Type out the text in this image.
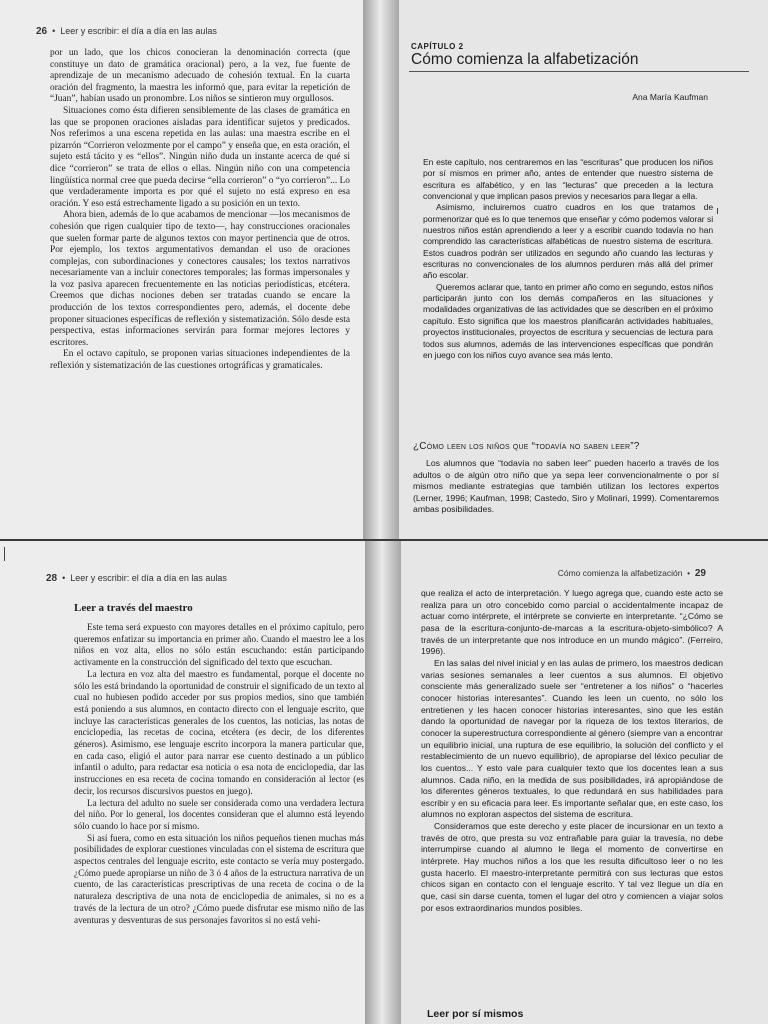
26  •  Leer y escribir: el día a día en las aulas

por un lado, que los chicos conocieran la denominación correcta (que constituye un dato de gramática oracional) pero, a la vez, fue fuente de aprendizaje de un mecanismo adecuado de cohesión textual. En la cuarta oración del fragmento, la maestra les informó que, para evitar la repetición de “Juan”, habían usado un pronombre. Los niños se sintieron muy orgullosos.

Situaciones como ésta difieren sensiblemente de las clases de gramática en las que se proponen oraciones aisladas para identificar sujetos y predicados. Nos referimos a una escena repetida en las aulas: una maestra escribe en el pizarrón “Corrieron velozmente por el campo” y enseña que, en esta oración, el sujeto está tácito y es “ellos”. Ningún niño duda un instante acerca de qué si dice “corrieron” se trata de ellos o ellas. Ningún niño con una competencia lingüística normal cree que pueda decirse “ella corrieron” o “yo corrieron”... Lo que verdaderamente importa es por qué el sujeto no está expreso en esa oración. Y eso está estrechamente ligado a su posición en un texto.

Ahora bien, además de lo que acabamos de mencionar —los mecanismos de cohesión que rigen cualquier tipo de texto—, hay construcciones oracionales que suelen formar parte de algunos textos con mayor pertinencia que de otros. Por ejemplo, los textos argumentativos demandan el uso de oraciones complejas, con subordinaciones y conectores causales; los textos narrativos necesariamente van a incluir conectores temporales; las formas impersonales y la voz pasiva aparecen frecuentemente en las noticias periodísticas, etcétera. Creemos que dichas nociones deben ser tratadas cuando se encare la producción de los textos correspondientes pero, además, el docente debe proponer situaciones específicas de reflexión y sistematización. Sólo desde esta perspectiva, estas informaciones servirán para formar mejores lectores y escritores.

En el octavo capítulo, se proponen varias situaciones independientes de la reflexión y sistematización de las cuestiones ortográficas y gramaticales.

CAPÍTULO 2
Cómo comienza la alfabetización
Ana María Kaufman

En este capítulo, nos centraremos en las “escrituras” que producen los niños por sí mismos en primer año, antes de entender que nuestro sistema de escritura es alfabético, y en las “lecturas” que preceden a la lectura convencional y que implican pasos previos y necesarios para llegar a ella.

Asimismo, incluiremos cuatro cuadros en los que tratamos de pormenorizar qué es lo que tenemos que enseñar y cómo podemos valorar si nuestros niños están aprendiendo a leer y a escribir cuando todavía no han comprendido las características alfabéticas de nuestro sistema de escritura. Estos cuadros podrán ser utilizados en segundo año cuando las lecturas y escrituras no convencionales de los alumnos perduren más allá del primer año escolar.

Queremos aclarar que, tanto en primer año como en segundo, estos niños participarán junto con los demás compañeros en las situaciones y modalidades organizativas de las actividades que se describen en el próximo capítulo. Esto significa que los maestros planificarán actividades habituales, proyectos institucionales, proyectos de escritura y secuencias de lectura para todos sus alumnos, además de las intervenciones específicas que pondrán en juego con los niños cuyo avance sea más lento.

¿Cómo leen los niños que “todavía no saben leer”?

Los alumnos que “todavía no saben leer” pueden hacerlo a través de los adultos o de algún otro niño que ya sepa leer convencionalmente o por sí mismos mediante estrategias que también utilizan los lectores expertos (Lerner, 1996; Kaufman, 1998; Castedo, Siro y Molinari, 1999). Comentaremos ambas posibilidades.

28  •  Leer y escribir: el día a día en las aulas
Leer a través del maestro

Este tema será expuesto con mayores detalles en el próximo capítulo, pero queremos enfatizar su importancia en primer año. Cuando el maestro lee a los niños en voz alta, ellos no sólo están escuchando: están participando activamente en la construcción del significado del texto que escuchan.

La lectura en voz alta del maestro es fundamental, porque el docente no sólo les está brindando la oportunidad de construir el significado de un texto al cual no hubiesen podido acceder por sus propios medios, sino que también está poniendo a sus alumnos, en contacto directo con el lenguaje escrito, que incluye las características generales de los cuentos, las noticias, las notas de enciclopedia, las recetas de cocina, etcétera (es decir, de los diferentes géneros). Asimismo, ese lenguaje escrito incorpora la manera particular que, en cada caso, eligió el autor para narrar ese cuento destinado a un público infantil o adulto, para redactar esa noticia o esa nota de enciclopedia, dar las instrucciones en esa receta de cocina tomando en consideración al lector (es decir, los recursos discursivos puestos en juego).

La lectura del adulto no suele ser considerada como una verdadera lectura del niño. Por lo general, los docentes consideran que el alumno está leyendo sólo cuando lo hace por sí mismo.

Si así fuera, como en esta situación los niños pequeños tienen muchas más posibilidades de explorar cuestiones vinculadas con el sistema de escritura que aspectos centrales del lenguaje escrito, este contacto se vería muy postergado. ¿Cómo puede apropiarse un niño de 3 ó 4 años de la estructura narrativa de un cuento, de las características prescriptivas de una receta de cocina o de la naturaleza descriptiva de una nota de enciclopedia de animales, si no es a través de la lectura de un otro? ¿Cómo puede disfrutar ese mismo niño de las aventuras y desventuras de sus personajes favoritos si no está vehi-

Cómo comienza la alfabetización  •  29

que realiza el acto de interpretación. Y luego agrega que, cuando este acto se realiza para un otro concebido como parcial o accidentalmente incapaz de actuar como intérprete, el intérprete se convierte en interpretante. “¿Cómo se pasa de la escritura-conjunto-de-marcas a la escritura-objeto-simbólico? A través de un interpretante que nos introduce en un mundo mágico”. (Ferreiro, 1996).

En las salas del nivel inicial y en las aulas de primero, los maestros dedican varias sesiones semanales a leer cuentos a sus alumnos. El objetivo consciente más generalizado suele ser “entretener a los niños” o “hacerles conocer historias interesantes”. Cuando les leen un cuento, no sólo los entretienen y les hacen conocer historias interesantes, sino que les están dando la oportunidad de navegar por la riqueza de los textos literarios, de conocer la superestructura correspondiente al género (siempre van a encontrar un equilibrio inicial, una ruptura de ese equilibrio, la solución del conflicto y el restablecimiento de un nuevo equilibrio), de apropiarse del léxico peculiar de los cuentos... Y esto vale para cualquier texto que los docentes lean a sus alumnos. Cada niño, en la medida de sus posibilidades, irá apropiándose de los diferentes géneros textuales, lo que redundará en sus habilidades para escribir y en su eficacia para leer. Es importante señalar que, en este caso, los alumnos no exploran aspectos del sistema de escritura.

Consideramos que este derecho y este placer de incursionar en un texto a través de otro, que presta su voz entrañable para guiar la travesía, no debe interrumpirse cuando al alumno le llega el momento de convertirse en intérprete. Hay muchos niños a los que les resulta dificultoso leer o no les gusta hacerlo. El maestro-interpretante permitirá con sus lecturas que estos chicos sigan en contacto con el lenguaje escrito. Y tal vez llegue un día en que, casi sin darse cuenta, tomen el lugar del otro y comiencen a viajar solos por esos extraordinarios mundos posibles.

Leer por sí mismos
